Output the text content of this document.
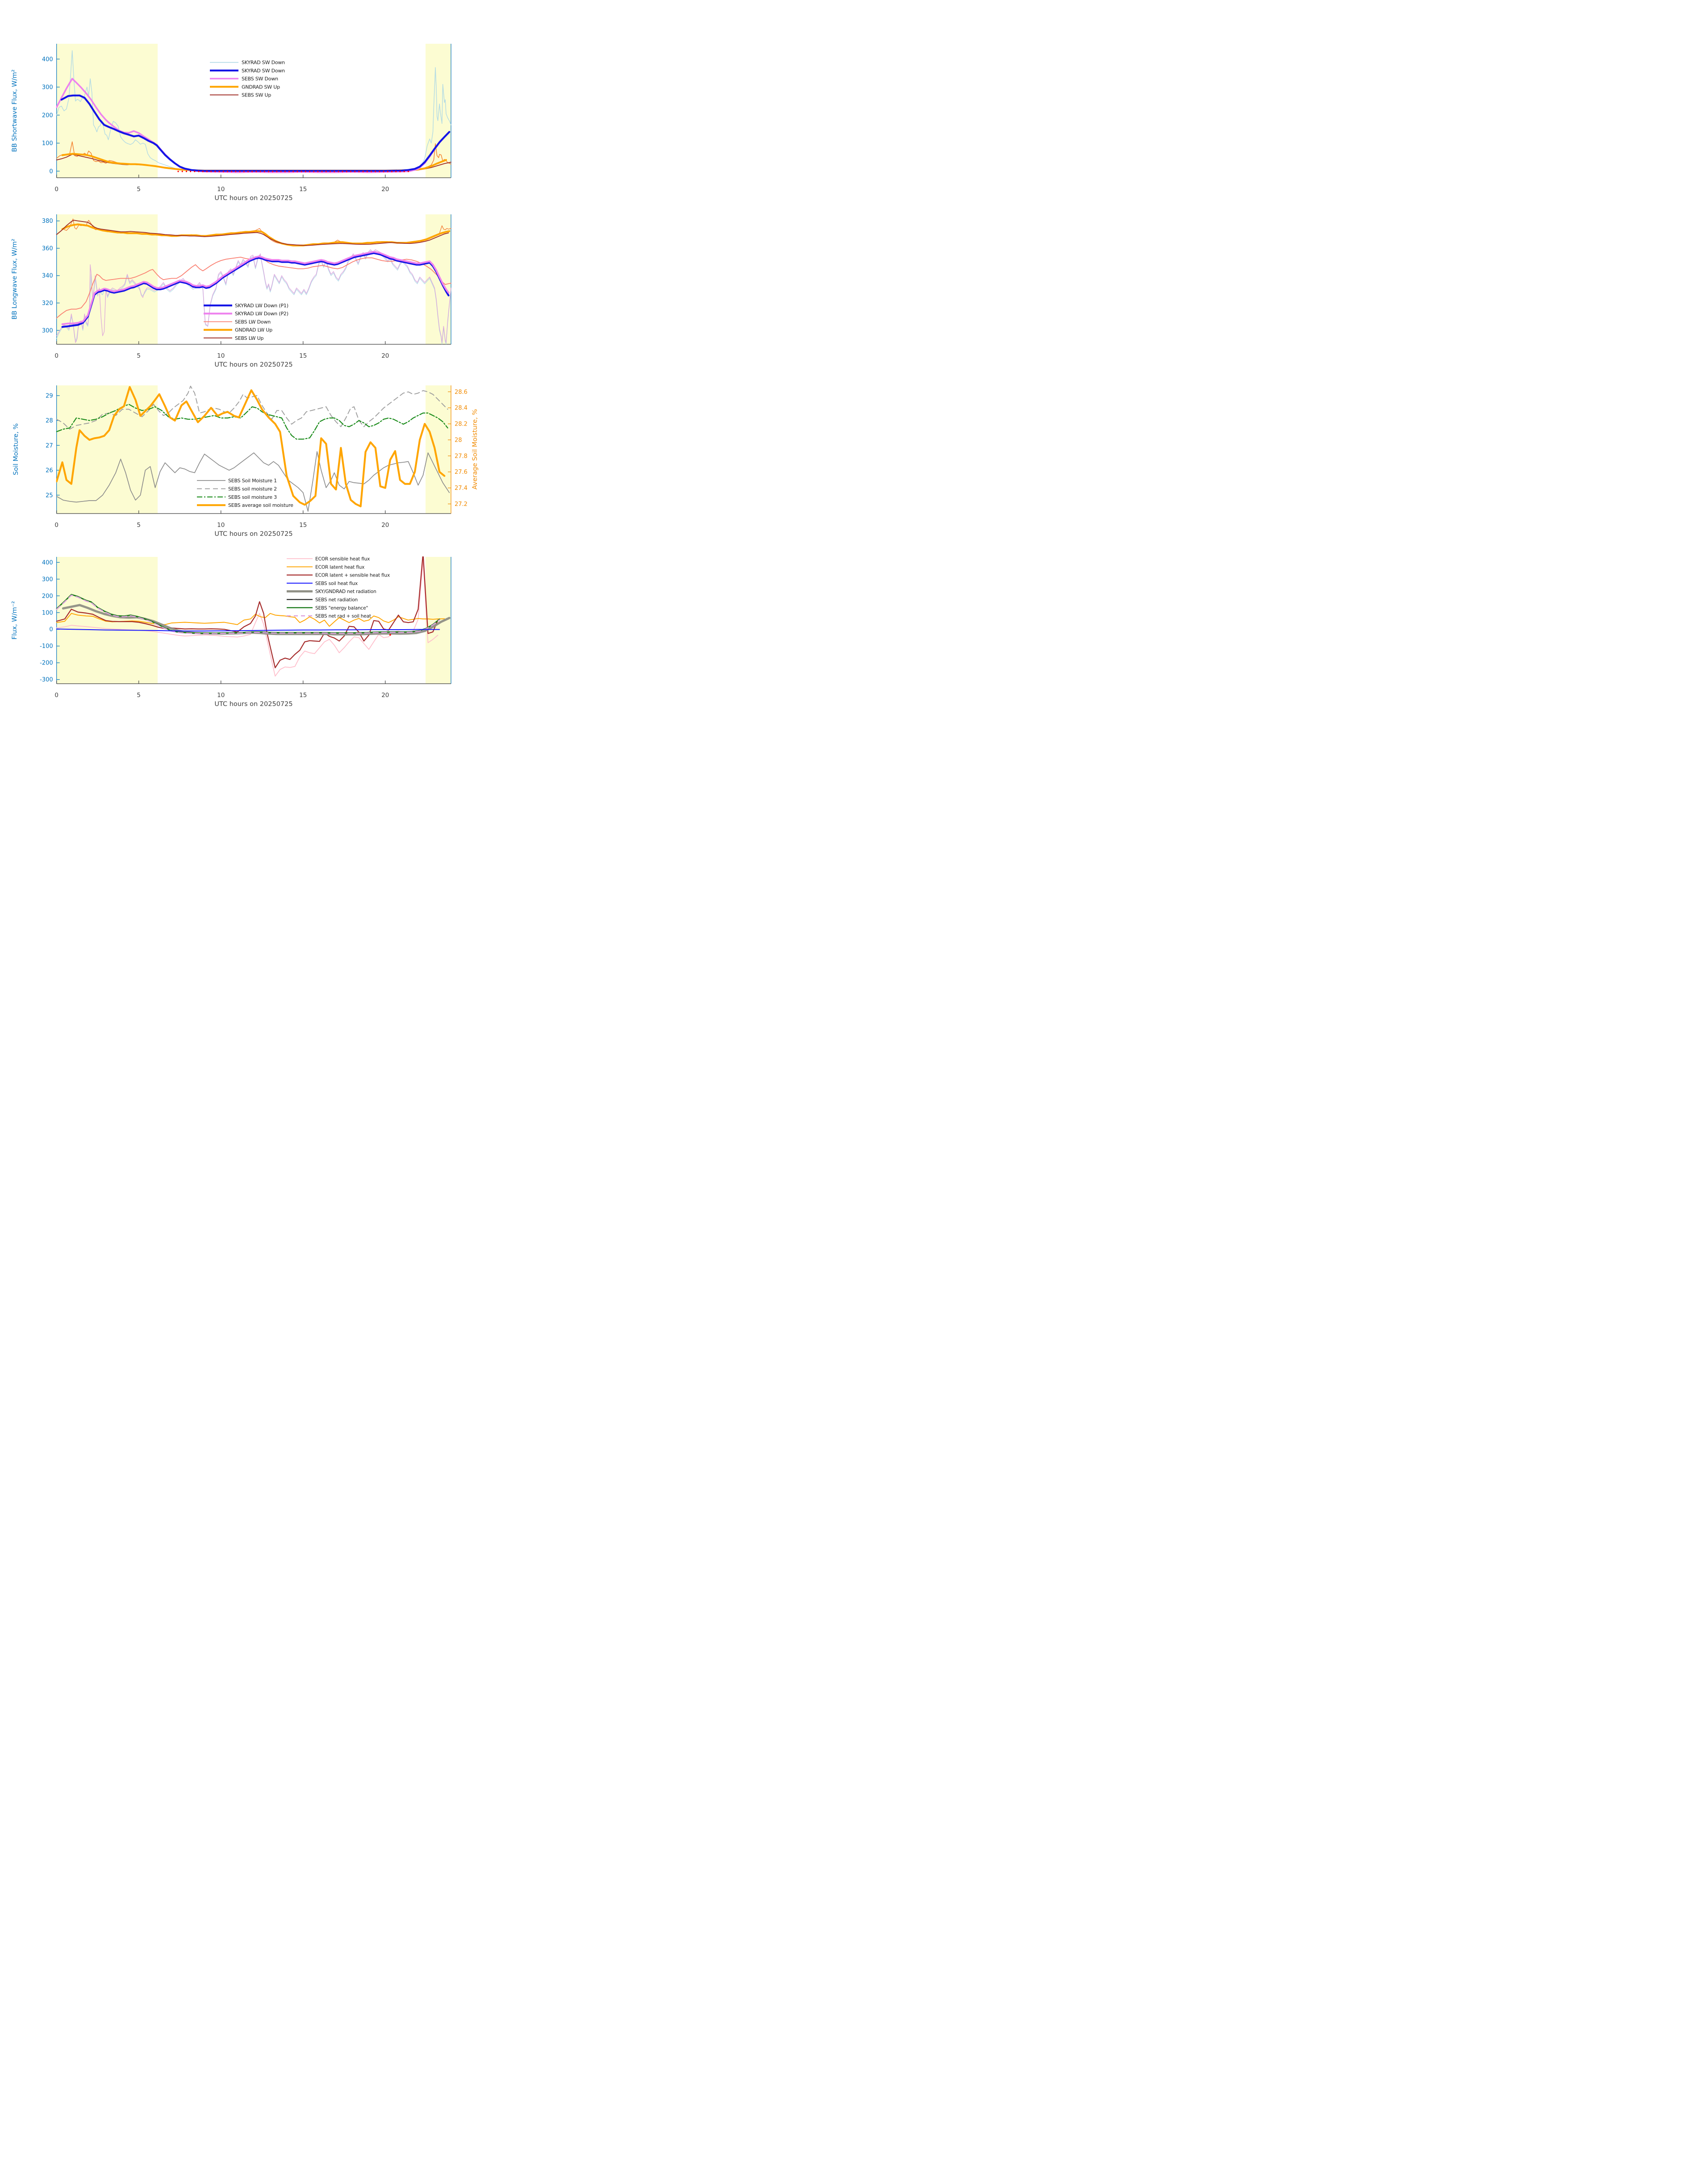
0	5	10	15	20
0
100
200
300
400	SKYRAD SW Down
SKYRAD SW Down
SEBS SW Down
GNDRAD SW Up
SEBS SW Up
0	5	10	15	20
300
320
340
360
380
SKYRAD LW Down (P1)
SKYRAD LW Down (P2)
SEBS LW Down
GNDRAD LW Up
SEBS LW Up
0	5	10	15	20
25
26
27
28
29
27.2
27.4
27.6
27.8
28
28.2
28.4
28.6
SEBS Soil Moisture 1
SEBS soil moisture 2
SEBS soil moisture 3
SEBS average soil moisture
0	5	10	15	20
-300
-200
-100
0
100
200
300
400
ECOR sensible heat flux
ECOR latent heat flux
ECOR latent + sensible heat flux
SEBS soil heat flux
SKY/GNDRAD net radiation
SEBS net radiation
SEBS "energy balance"
SEBS net rad + soil heat
BB Shortwave Flux, W/m²
BB Longwave Flux, W/m²
Soil Moisture, %	Average Soil Moisture, %
Flux, W/m⁻²
UTC hours on 20250725
UTC hours on 20250725
UTC hours on 20250725
UTC hours on 20250725
